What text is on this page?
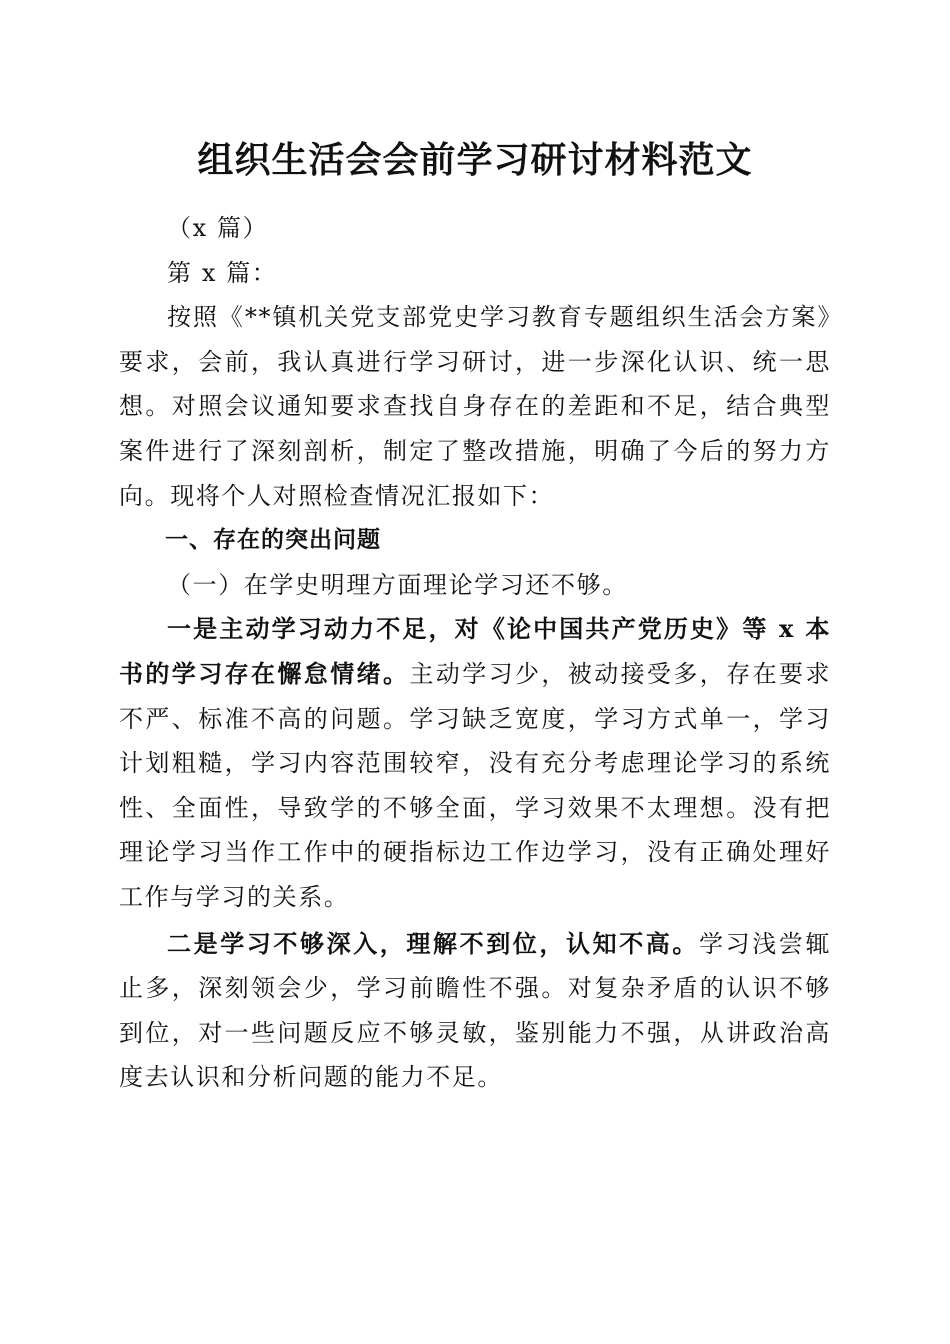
组织生活会会前学习研讨材料范文

（x 篇）

第 x 篇：

按照《**镇机关党支部党史学习教育专题组织生活会方案》要求，会前，我认真进行学习研讨，进一步深化认识、统一思想。对照会议通知要求查找自身存在的差距和不足，结合典型案件进行了深刻剖析，制定了整改措施，明确了今后的努力方向。现将个人对照检查情况汇报如下：

一、存在的突出问题

（一）在学史明理方面理论学习还不够。

一是主动学习动力不足，对《论中国共产党历史》等 x 本书的学习存在懈怠情绪。主动学习少，被动接受多，存在要求不严、标准不高的问题。学习缺乏宽度，学习方式单一，学习计划粗糙，学习内容范围较窄，没有充分考虑理论学习的系统性、全面性，导致学的不够全面，学习效果不太理想。没有把理论学习当作工作中的硬指标边工作边学习，没有正确处理好工作与学习的关系。

二是学习不够深入，理解不到位，认知不高。学习浅尝辄止多，深刻领会少，学习前瞻性不强。对复杂矛盾的认识不够到位，对一些问题反应不够灵敏，鉴别能力不强，从讲政治高度去认识和分析问题的能力不足。
